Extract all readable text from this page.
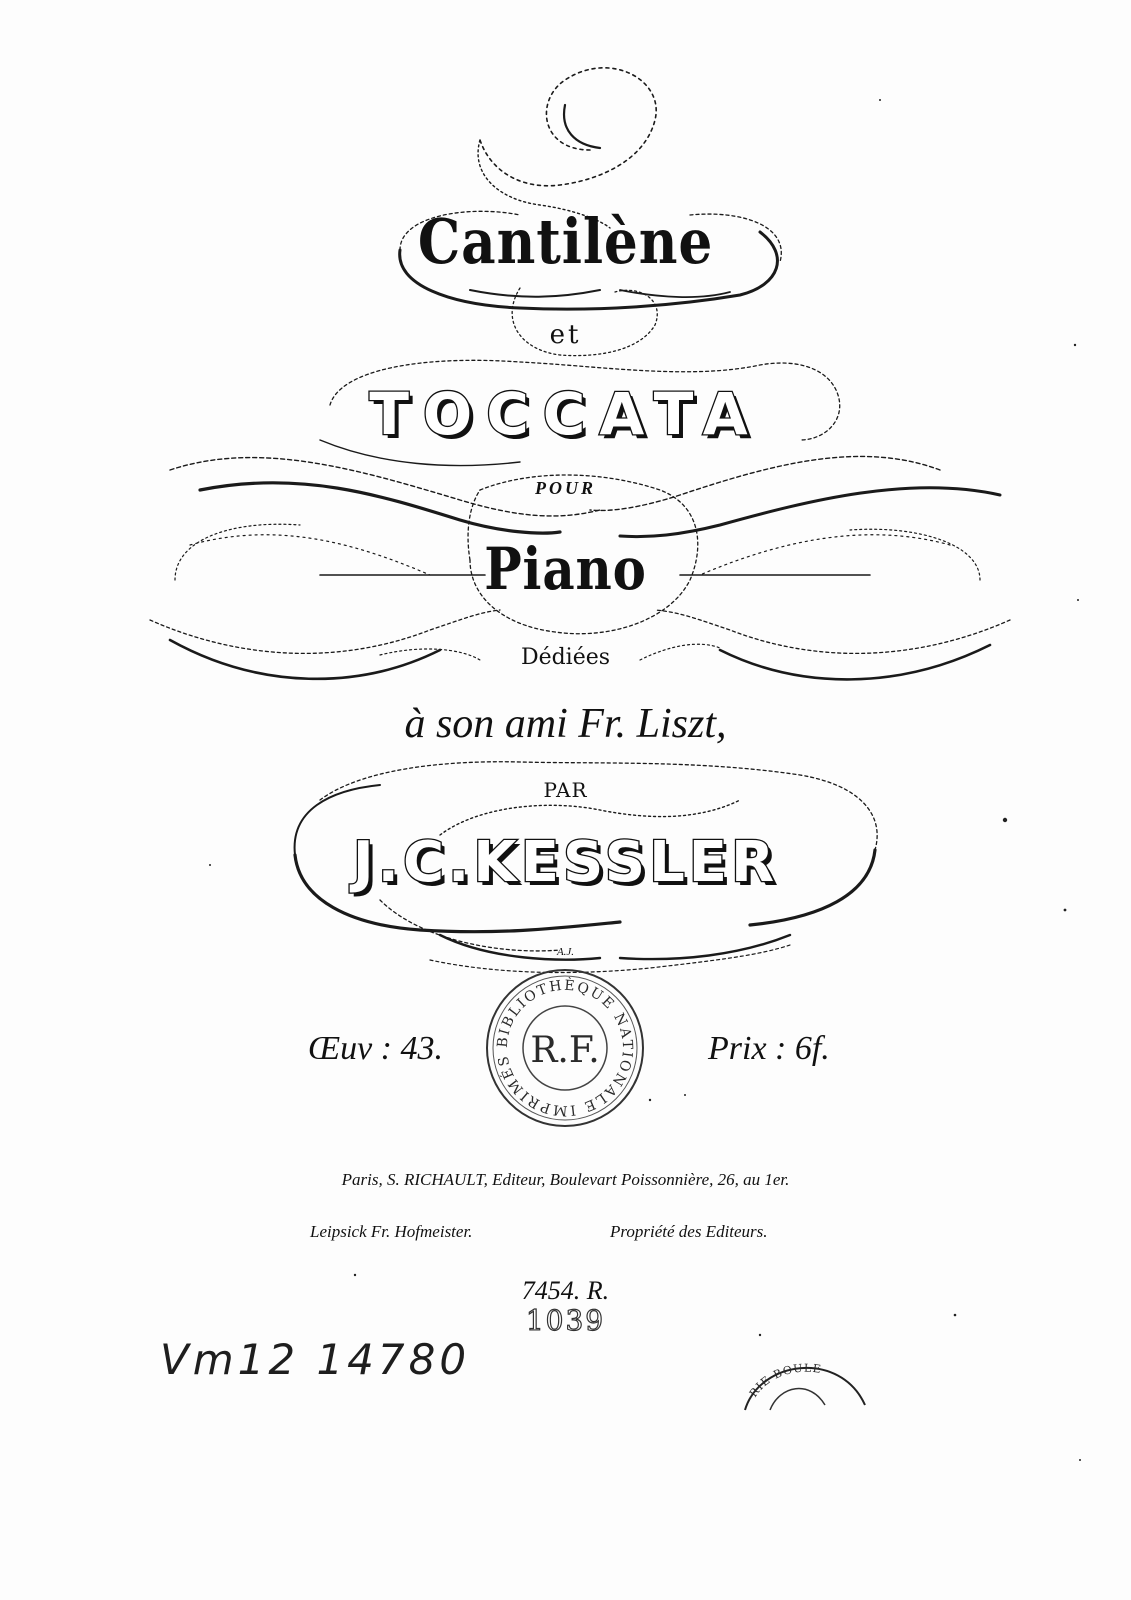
BIBLIOTHÈQUE NATIONALE IMPRIMÉS R.F.
RIE BOULE
Cantilène
et
TOCCATA
POUR
Piano
Dédiées
à son ami Fr. Liszt,
PAR
J.C.KESSLER
A.J.
Œuv : 43.	Prix : 6f.
Paris, S. RICHAULT, Editeur, Boulevart Poissonnière, 26, au 1er.
Leipsick Fr. Hofmeister.	Propriété des Editeurs.
7454. R.
1039
Vm12 14780
